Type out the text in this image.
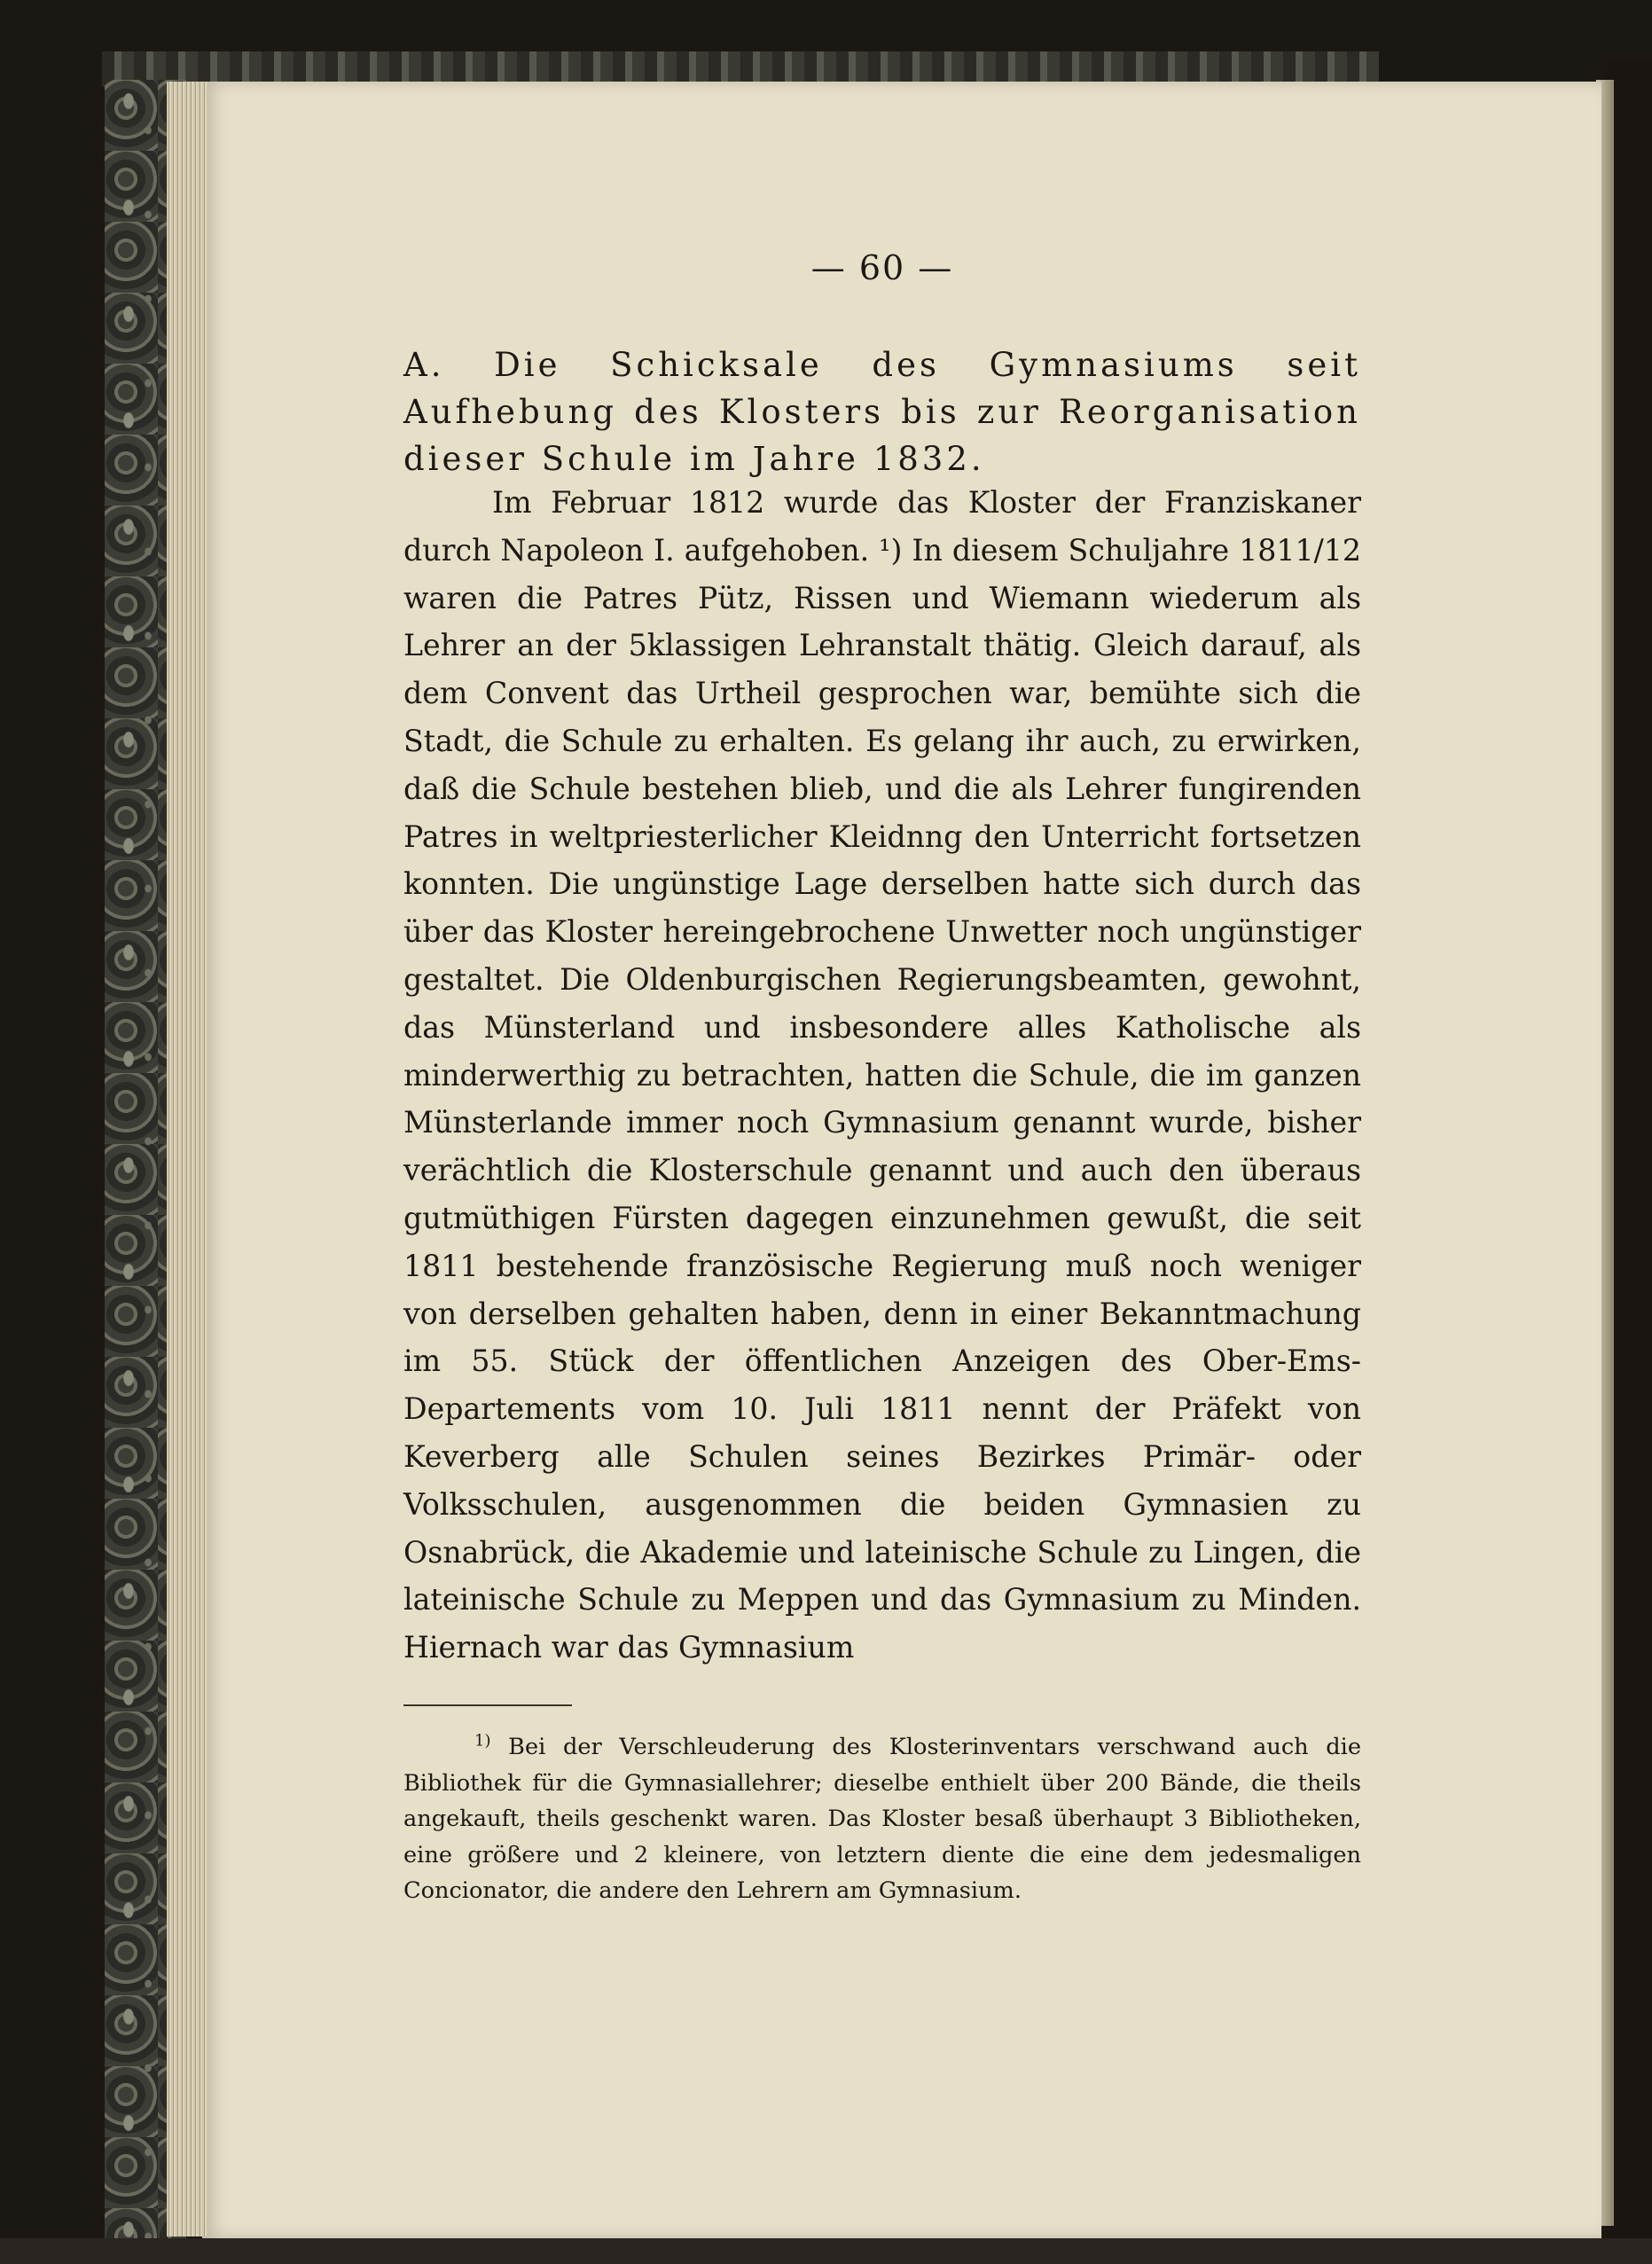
— 60 —
A. Die Schicksale des Gymnasiums seit Aufhebung des Klosters bis zur Reorganisation dieser Schule im Jahre 1832.
Im Februar 1812 wurde das Kloster der Franziskaner durch Napoleon I. aufgehoben. ¹) In diesem Schuljahre 1811/12 waren die Patres Pütz, Rissen und Wiemann wiederum als Lehrer an der 5klassigen Lehranstalt thätig. Gleich darauf, als dem Convent das Urtheil gesprochen war, bemühte sich die Stadt, die Schule zu erhalten. Es gelang ihr auch, zu erwirken, daß die Schule bestehen blieb, und die als Lehrer fungirenden Patres in weltpriesterlicher Kleidnng den Unterricht fortsetzen konnten. Die ungünstige Lage derselben hatte sich durch das über das Kloster hereingebrochene Unwetter noch ungünstiger gestaltet. Die Oldenburgischen Regierungsbeamten, gewohnt, das Münsterland und insbesondere alles Katholische als minderwerthig zu betrachten, hatten die Schule, die im ganzen Münsterlande immer noch Gymnasium genannt wurde, bisher verächtlich die Klosterschule genannt und auch den überaus gutmüthigen Fürsten dagegen einzunehmen gewußt, die seit 1811 bestehende französische Regierung muß noch weniger von derselben gehalten haben, denn in einer Bekanntmachung im 55. Stück der öffentlichen Anzeigen des Ober-Ems-Departements vom 10. Juli 1811 nennt der Präfekt von Keverberg alle Schulen seines Bezirkes Primär- oder Volksschulen, ausgenommen die beiden Gymnasien zu Osnabrück, die Akademie und lateinische Schule zu Lingen, die lateinische Schule zu Meppen und das Gymnasium zu Minden. Hiernach war das Gymnasium
$^{1)}$ Bei der Verschleuderung des Klosterinventars verschwand auch die Bibliothek für die Gymnasiallehrer; dieselbe enthielt über 200 Bände, die theils angekauft, theils geschenkt waren. Das Kloster besaß überhaupt 3 Bibliotheken, eine größere und 2 kleinere, von letztern diente die eine dem jedesmaligen Concionator, die andere den Lehrern am Gymnasium.
